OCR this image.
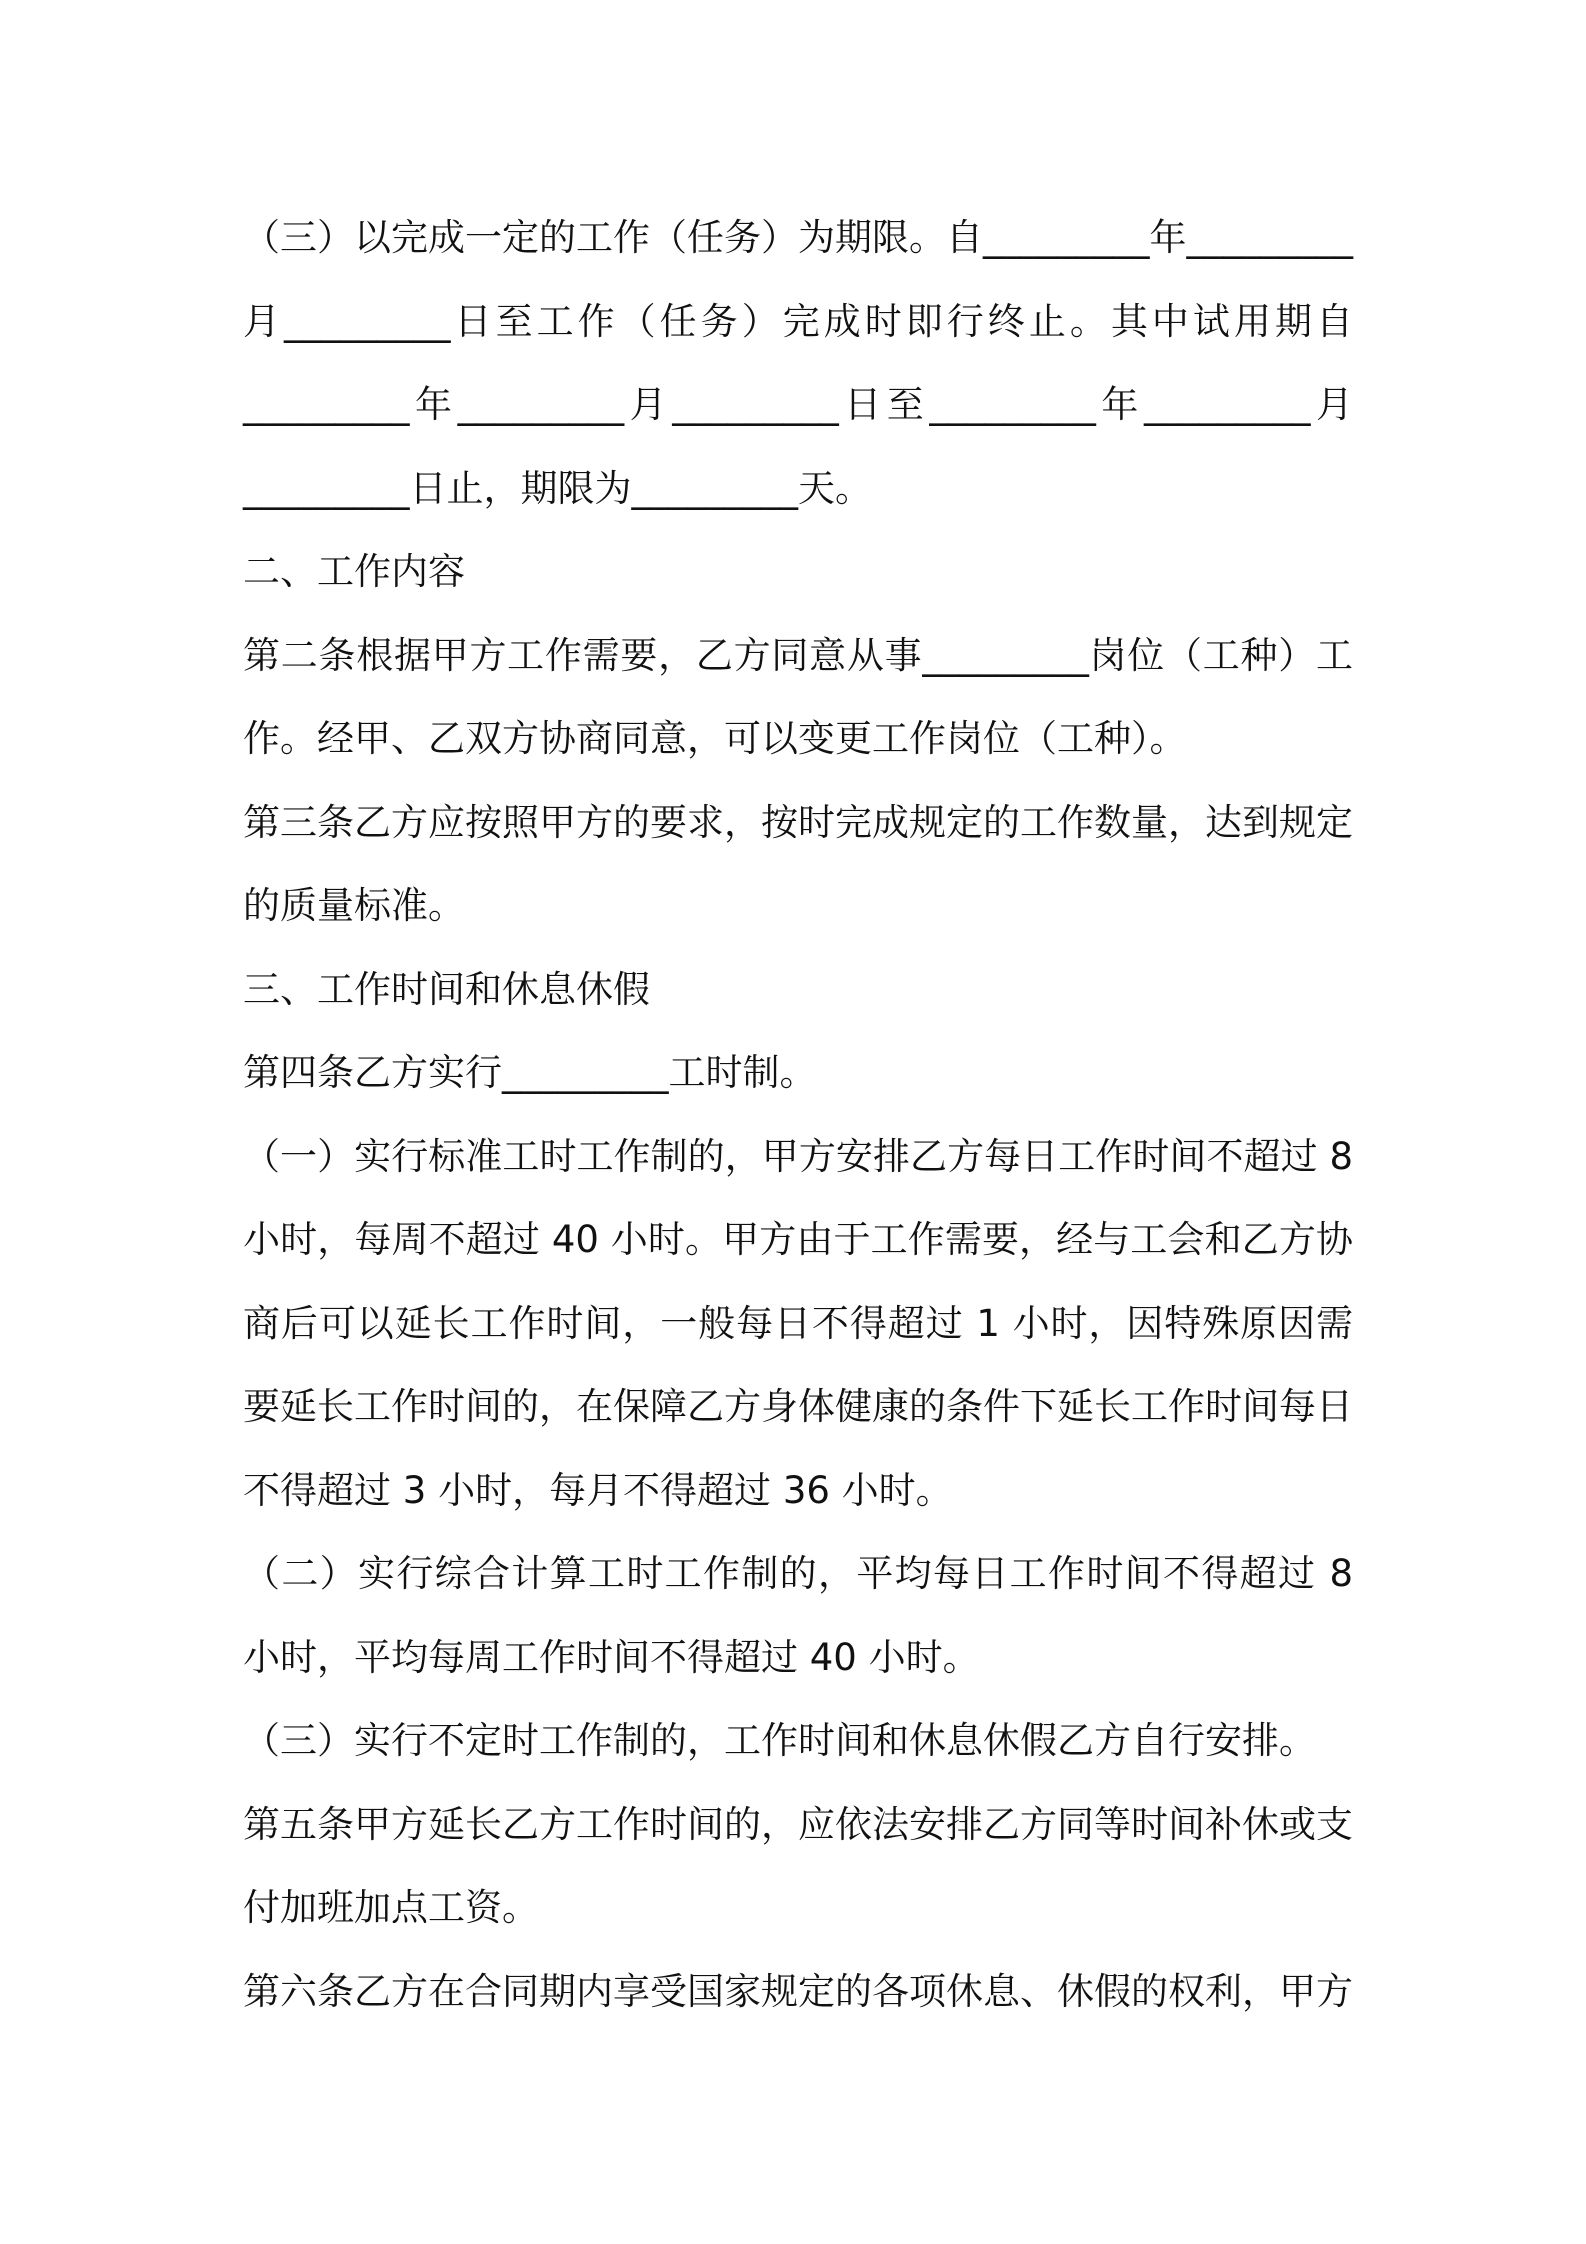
（三）以完成一定的工作（任务）为期限。自_________年_________月_________日至工作（任务）完成时即行终止。其中试用期自_________年_________月_________日至_________年_________月_________日止，期限为_________天。

二、工作内容

第二条根据甲方工作需要，乙方同意从事_________岗位（工种）工作。经甲、乙双方协商同意，可以变更工作岗位（工种）。

第三条乙方应按照甲方的要求，按时完成规定的工作数量，达到规定的质量标准。

三、工作时间和休息休假

第四条乙方实行_________工时制。

（一）实行标准工时工作制的，甲方安排乙方每日工作时间不超过 8 小时，每周不超过 40 小时。甲方由于工作需要，经与工会和乙方协商后可以延长工作时间，一般每日不得超过 1 小时，因特殊原因需要延长工作时间的，在保障乙方身体健康的条件下延长工作时间每日不得超过 3 小时，每月不得超过 36 小时。

（二）实行综合计算工时工作制的，平均每日工作时间不得超过 8 小时，平均每周工作时间不得超过 40 小时。

（三）实行不定时工作制的，工作时间和休息休假乙方自行安排。

第五条甲方延长乙方工作时间的，应依法安排乙方同等时间补休或支付加班加点工资。

第六条乙方在合同期内享受国家规定的各项休息、休假的权利，甲方
